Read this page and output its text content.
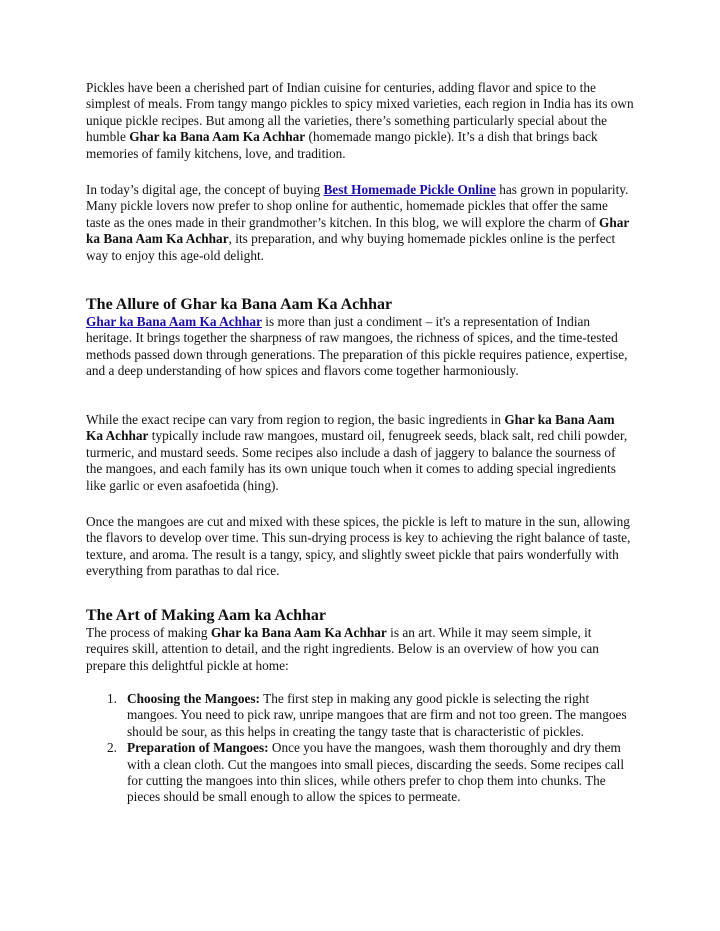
Pickles have been a cherished part of Indian cuisine for centuries, adding flavor and spice to the simplest of meals. From tangy mango pickles to spicy mixed varieties, each region in India has its own unique pickle recipes. But among all the varieties, there’s something particularly special about the humble Ghar ka Bana Aam Ka Achhar (homemade mango pickle). It’s a dish that brings back memories of family kitchens, love, and tradition.

In today’s digital age, the concept of buying Best Homemade Pickle Online has grown in popularity. Many pickle lovers now prefer to shop online for authentic, homemade pickles that offer the same taste as the ones made in their grandmother’s kitchen. In this blog, we will explore the charm of Ghar ka Bana Aam Ka Achhar, its preparation, and why buying homemade pickles online is the perfect way to enjoy this age-old delight.

The Allure of Ghar ka Bana Aam Ka Achhar

Ghar ka Bana Aam Ka Achhar is more than just a condiment – it's a representation of Indian heritage. It brings together the sharpness of raw mangoes, the richness of spices, and the time-tested methods passed down through generations. The preparation of this pickle requires patience, expertise, and a deep understanding of how spices and flavors come together harmoniously.

While the exact recipe can vary from region to region, the basic ingredients in Ghar ka Bana Aam Ka Achhar typically include raw mangoes, mustard oil, fenugreek seeds, black salt, red chili powder, turmeric, and mustard seeds. Some recipes also include a dash of jaggery to balance the sourness of the mangoes, and each family has its own unique touch when it comes to adding special ingredients like garlic or even asafoetida (hing).

Once the mangoes are cut and mixed with these spices, the pickle is left to mature in the sun, allowing the flavors to develop over time. This sun-drying process is key to achieving the right balance of taste, texture, and aroma. The result is a tangy, spicy, and slightly sweet pickle that pairs wonderfully with everything from parathas to dal rice.

The Art of Making Aam ka Achhar

The process of making Ghar ka Bana Aam Ka Achhar is an art. While it may seem simple, it requires skill, attention to detail, and the right ingredients. Below is an overview of how you can prepare this delightful pickle at home:

1. Choosing the Mangoes: The first step in making any good pickle is selecting the right mangoes. You need to pick raw, unripe mangoes that are firm and not too green. The mangoes should be sour, as this helps in creating the tangy taste that is characteristic of pickles.
2. Preparation of Mangoes: Once you have the mangoes, wash them thoroughly and dry them with a clean cloth. Cut the mangoes into small pieces, discarding the seeds. Some recipes call for cutting the mangoes into thin slices, while others prefer to chop them into chunks. The pieces should be small enough to allow the spices to permeate.
